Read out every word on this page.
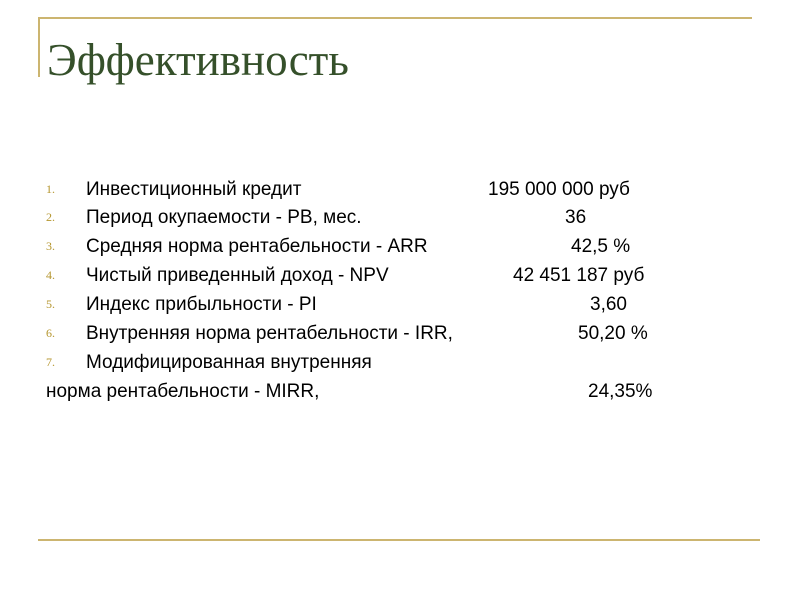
Эффективность
1. Инвестиционный кредит	195 000 000 руб
2. Период окупаемости - РВ, мес.	36
3. Средняя норма рентабельности - ARR	42,5 %
4. Чистый приведенный доход - NPV	42 451 187 руб
5. Индекс прибыльности - PI	3,60
6. Внутренняя норма рентабельности - IRR,	50,20 %
7. Модифицированная внутренняя
норма рентабельности - MIRR,	24,35%
